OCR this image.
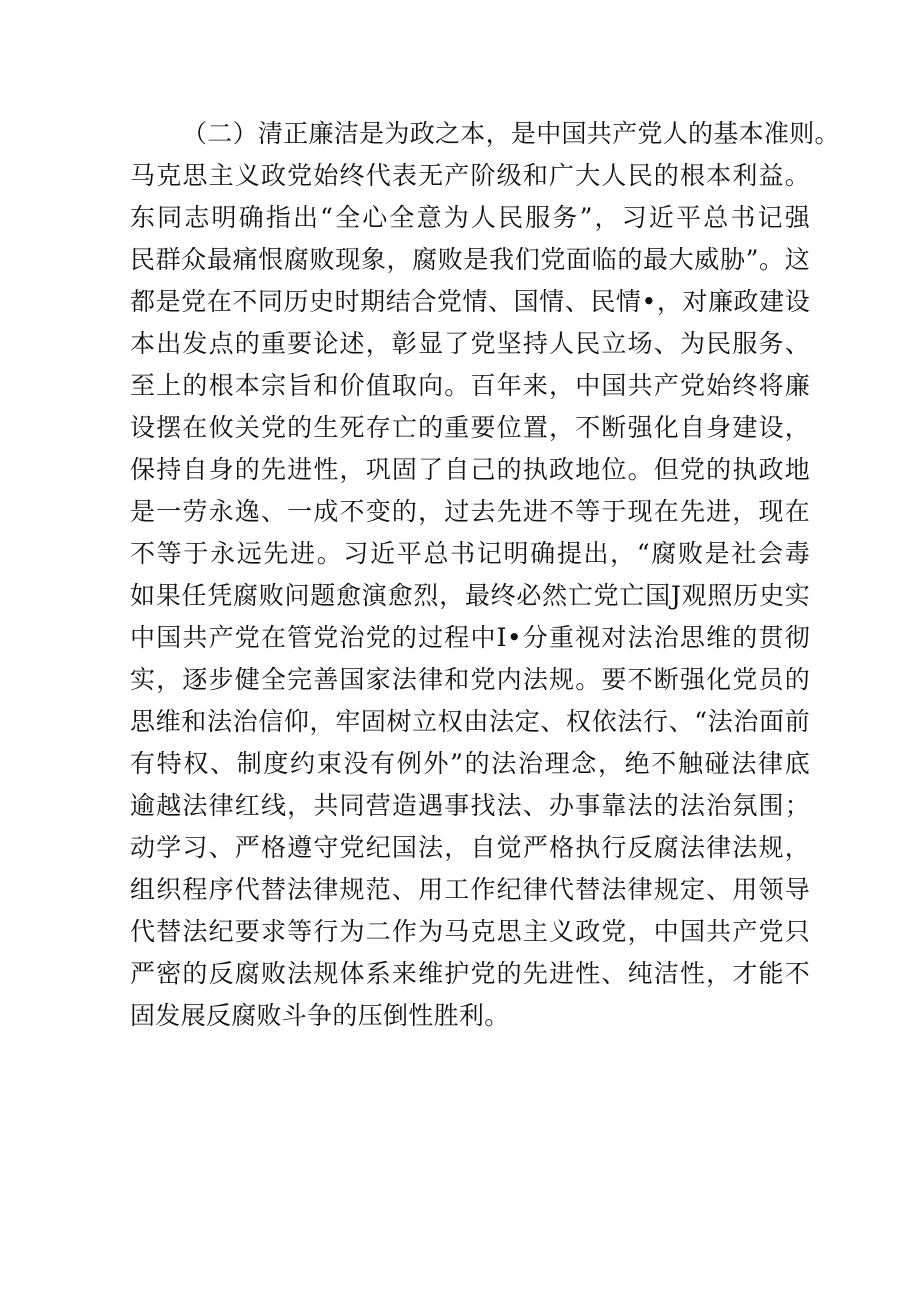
（二）清正廉洁是为政之本，是中国共产党人的基本准则。
马克思主义政党始终代表无产阶级和广大人民的根本利益。
东同志明确指出“全心全意为人民服务”，习近平总书记强
民群众最痛恨腐败现象，腐败是我们党面临的最大威胁”。这
都是党在不同历史时期结合党情、国情、民情•，对廉政建设
本出发点的重要论述，彰显了党坚持人民立场、为民服务、
至上的根本宗旨和价值取向。百年来，中国共产党始终将廉
设摆在攸关党的生死存亡的重要位置，不断强化自身建设，
保持自身的先进性，巩固了自己的执政地位。但党的执政地
是一劳永逸、一成不变的，过去先进不等于现在先进，现在
不等于永远先进。习近平总书记明确提出，“腐败是社会毒
如果任凭腐败问题愈演愈烈，最终必然亡党亡国J观照历史实
中国共产党在管党治党的过程中I•分重视对法治思维的贯彻
实，逐步健全完善国家法律和党内法规。要不断强化党员的
思维和法治信仰，牢固树立权由法定、权依法行、“法治面前
有特权、制度约束没有例外”的法治理念，绝不触碰法律底
逾越法律红线，共同营造遇事找法、办事靠法的法治氛围；
动学习、严格遵守党纪国法，自觉严格执行反腐法律法规，
组织程序代替法律规范、用工作纪律代替法律规定、用领导
代替法纪要求等行为二作为马克思主义政党，中国共产党只
严密的反腐败法规体系来维护党的先进性、纯洁性，才能不
固发展反腐败斗争的压倒性胜利。
